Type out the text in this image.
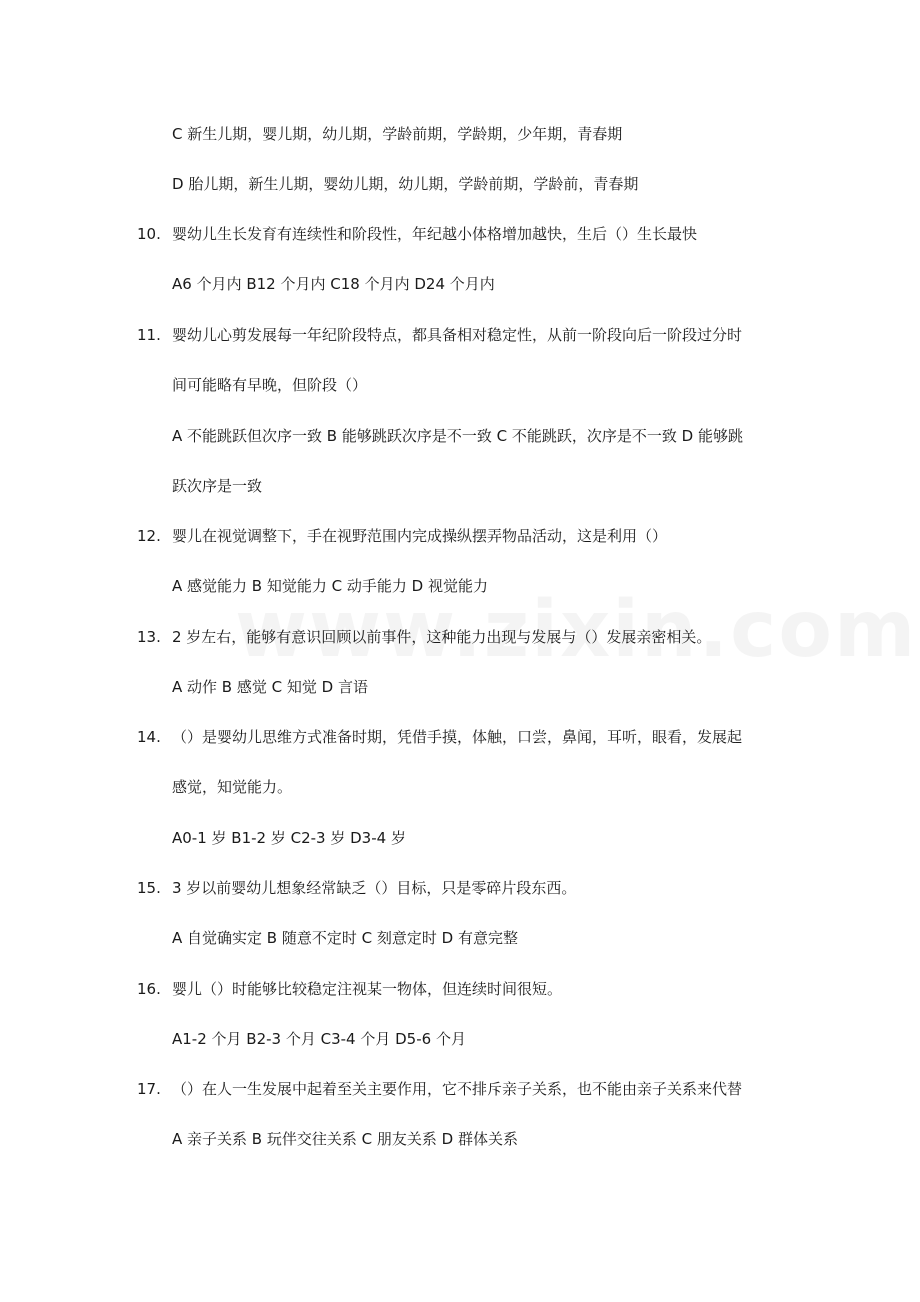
C 新生儿期，婴儿期，幼儿期，学龄前期，学龄期，少年期，青春期
D 胎儿期，新生儿期，婴幼儿期，幼儿期，学龄前期，学龄前，青春期
10. 婴幼儿生长发育有连续性和阶段性，年纪越小体格增加越快，生后（）生长最快
A6 个月内 B12 个月内 C18 个月内 D24 个月内
11. 婴幼儿心剪发展每一年纪阶段特点，都具备相对稳定性，从前一阶段向后一阶段过分时
间可能略有早晚，但阶段（）
A 不能跳跃但次序一致 B 能够跳跃次序是不一致 C 不能跳跃，次序是不一致 D 能够跳
跃次序是一致
12. 婴儿在视觉调整下，手在视野范围内完成操纵摆弄物品活动，这是利用（）
A 感觉能力 B 知觉能力 C 动手能力 D 视觉能力
13. 2 岁左右，能够有意识回顾以前事件，这种能力出现与发展与（）发展亲密相关。
A 动作 B 感觉 C 知觉 D 言语
14. （）是婴幼儿思维方式准备时期，凭借手摸，体触，口尝，鼻闻，耳听，眼看，发展起
感觉，知觉能力。
A0-1 岁 B1-2 岁 C2-3 岁 D3-4 岁
15. 3 岁以前婴幼儿想象经常缺乏（）目标，只是零碎片段东西。
A 自觉确实定 B 随意不定时 C 刻意定时 D 有意完整
16. 婴儿（）时能够比较稳定注视某一物体，但连续时间很短。
A1-2 个月 B2-3 个月 C3-4 个月 D5-6 个月
17. （）在人一生发展中起着至关主要作用，它不排斥亲子关系，也不能由亲子关系来代替
A 亲子关系 B 玩伴交往关系 C 朋友关系 D 群体关系
